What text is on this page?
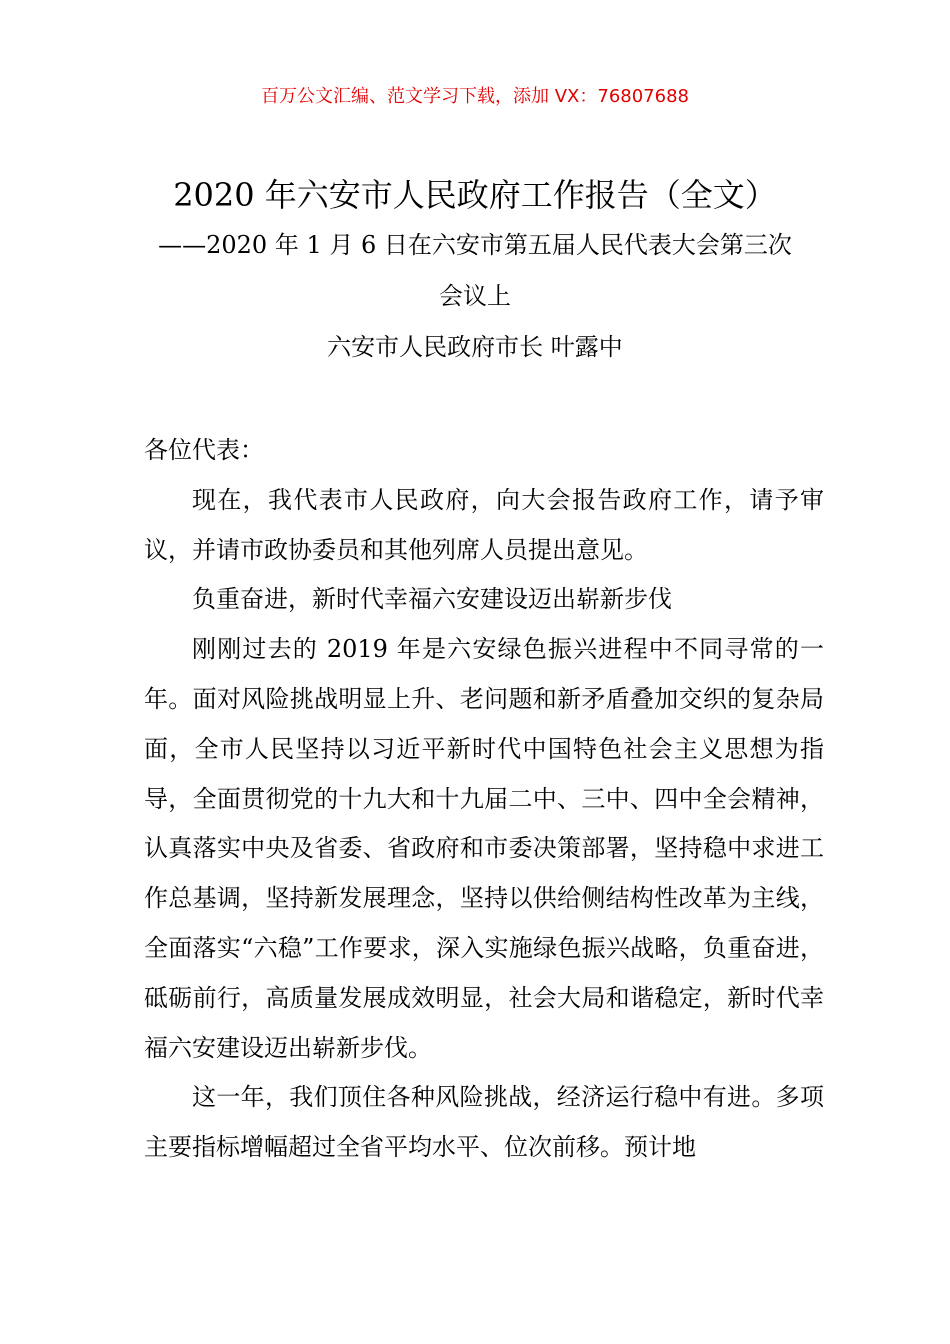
百万公文汇编、范文学习下载，添加 VX：76807688
2020 年六安市人民政府工作报告（全文）
——2020 年 1 月 6 日在六安市第五届人民代表大会第三次
会议上
六安市人民政府市长 叶露中

各位代表：

现在，我代表市人民政府，向大会报告政府工作，请予审议，并请市政协委员和其他列席人员提出意见。

负重奋进，新时代幸福六安建设迈出崭新步伐

刚刚过去的 2019 年是六安绿色振兴进程中不同寻常的一年。面对风险挑战明显上升、老问题和新矛盾叠加交织的复杂局面，全市人民坚持以习近平新时代中国特色社会主义思想为指导，全面贯彻党的十九大和十九届二中、三中、四中全会精神，认真落实中央及省委、省政府和市委决策部署，坚持稳中求进工作总基调，坚持新发展理念，坚持以供给侧结构性改革为主线，全面落实“六稳”工作要求，深入实施绿色振兴战略，负重奋进，砥砺前行，高质量发展成效明显，社会大局和谐稳定，新时代幸福六安建设迈出崭新步伐。

这一年，我们顶住各种风险挑战，经济运行稳中有进。多项主要指标增幅超过全省平均水平、位次前移。预计地
